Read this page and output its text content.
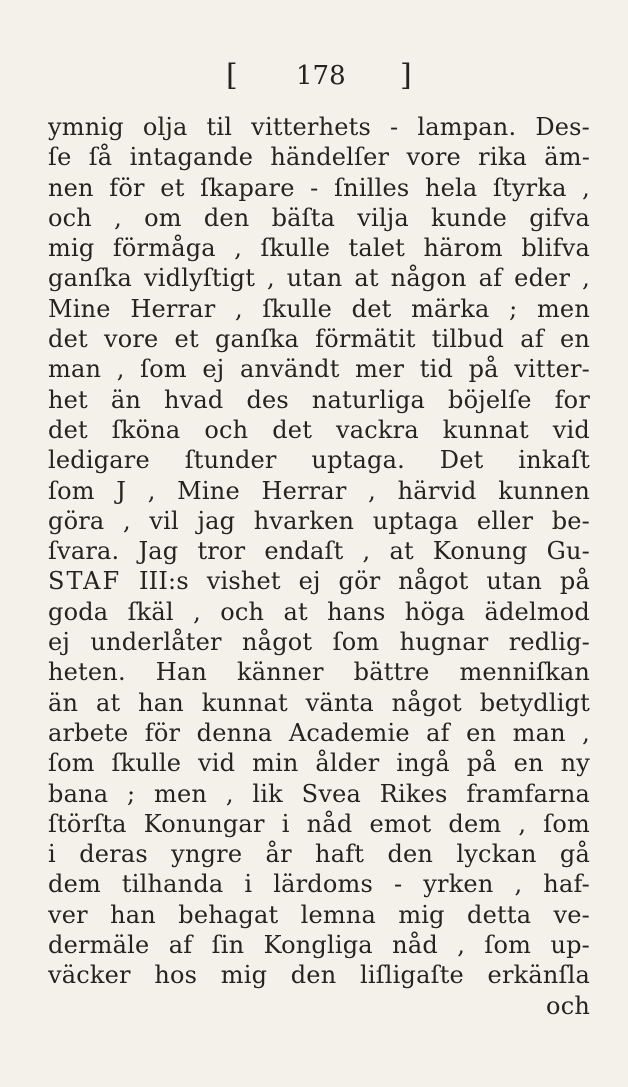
[ 178 ]
ymnig olja til vitterhets - lampan. Des-
ſe ſå intagande händelſer vore rika äm-
nen för et ſkapare - ſnilles hela ſtyrka ,
och , om den bäſta vilja kunde gifva
mig förmåga , ſkulle talet härom blifva
ganſka vidlyſtigt , utan at någon af eder ,
Mine Herrar , ſkulle det märka ; men
det vore et ganſka förmätit tilbud af en
man , ſom ej användt mer tid på vitter-
het än hvad des naturliga böjelſe for
det ſköna och det vackra kunnat vid
ledigare ſtunder uptaga. Det inkaſt
ſom J , Mine Herrar , härvid kunnen
göra , vil jag hvarken uptaga eller be-
ſvara. Jag tror endaſt , at Konung Gu-
STAF III:s vishet ej gör något utan på
goda ſkäl , och at hans höga ädelmod
ej underlåter något ſom hugnar redlig-
heten. Han känner bättre menniſkan
än at han kunnat vänta något betydligt
arbete för denna Academie af en man ,
ſom ſkulle vid min ålder ingå på en ny
bana ; men , lik Svea Rikes framfarna
ſtörſta Konungar i nåd emot dem , ſom
i deras yngre år haft den lyckan gå
dem tilhanda i lärdoms - yrken , haf-
ver han behagat lemna mig detta ve-
dermäle af ſin Kongliga nåd , ſom up-
väcker hos mig den liſligaſte erkänſla
och
